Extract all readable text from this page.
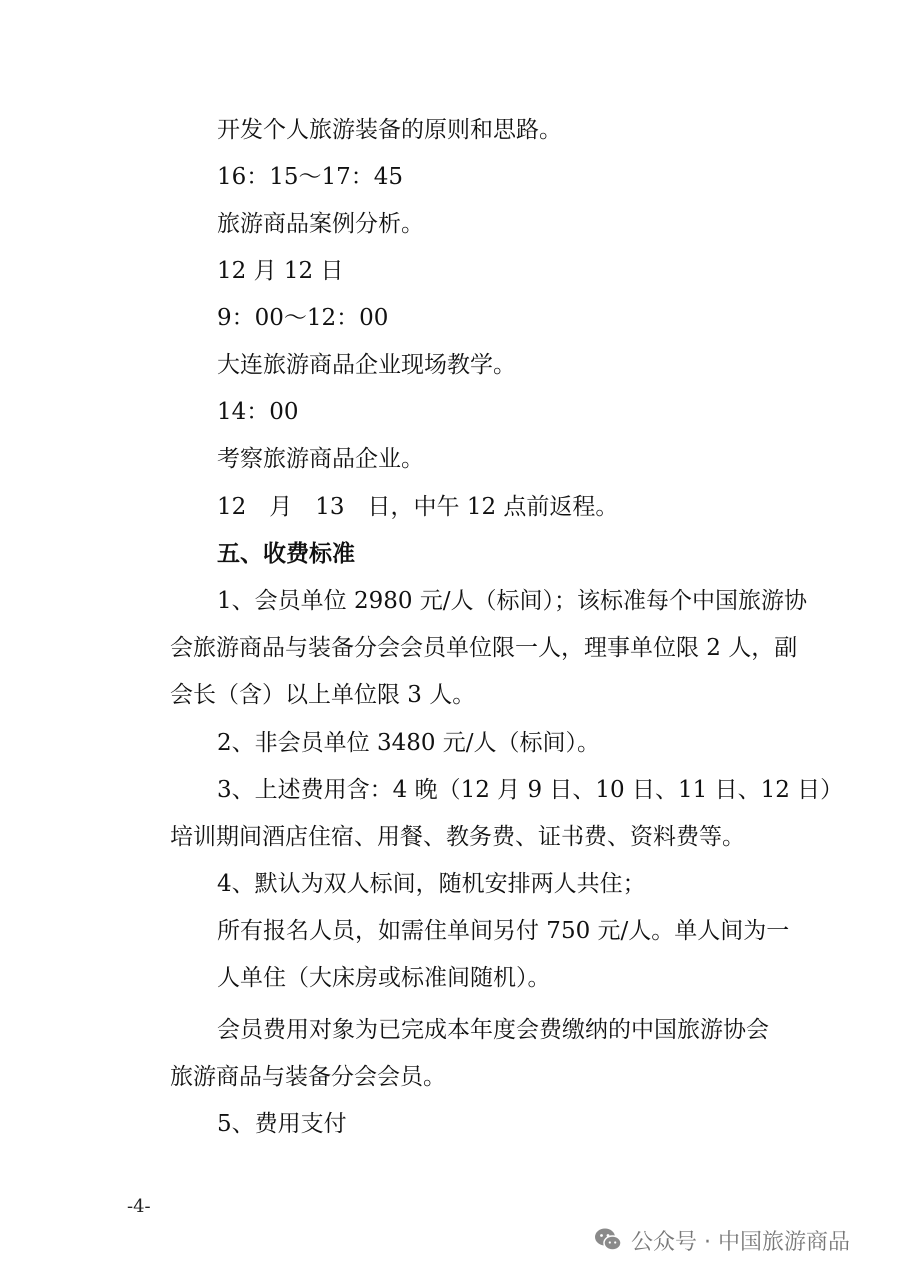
开发个人旅游装备的原则和思路。
16：15～17：45
旅游商品案例分析。
12 月 12 日
9：00～12：00
大连旅游商品企业现场教学。
14：00
考察旅游商品企业。
12　月　13　日，中午 12 点前返程。
五、收费标准
1、会员单位 2980 元/人（标间）；该标准每个中国旅游协
会旅游商品与装备分会会员单位限一人，理事单位限 2 人，副
会长（含）以上单位限 3 人。
2、非会员单位 3480 元/人（标间）。
3、上述费用含：4 晚（12 月 9 日、10 日、11 日、12 日）
培训期间酒店住宿、用餐、教务费、证书费、资料费等。
4、默认为双人标间，随机安排两人共住；
所有报名人员，如需住单间另付 750 元/人。单人间为一
人单住（大床房或标准间随机）。
会员费用对象为已完成本年度会费缴纳的中国旅游协会
旅游商品与装备分会会员。
5、费用支付
-4-
公众号 · 中国旅游商品
